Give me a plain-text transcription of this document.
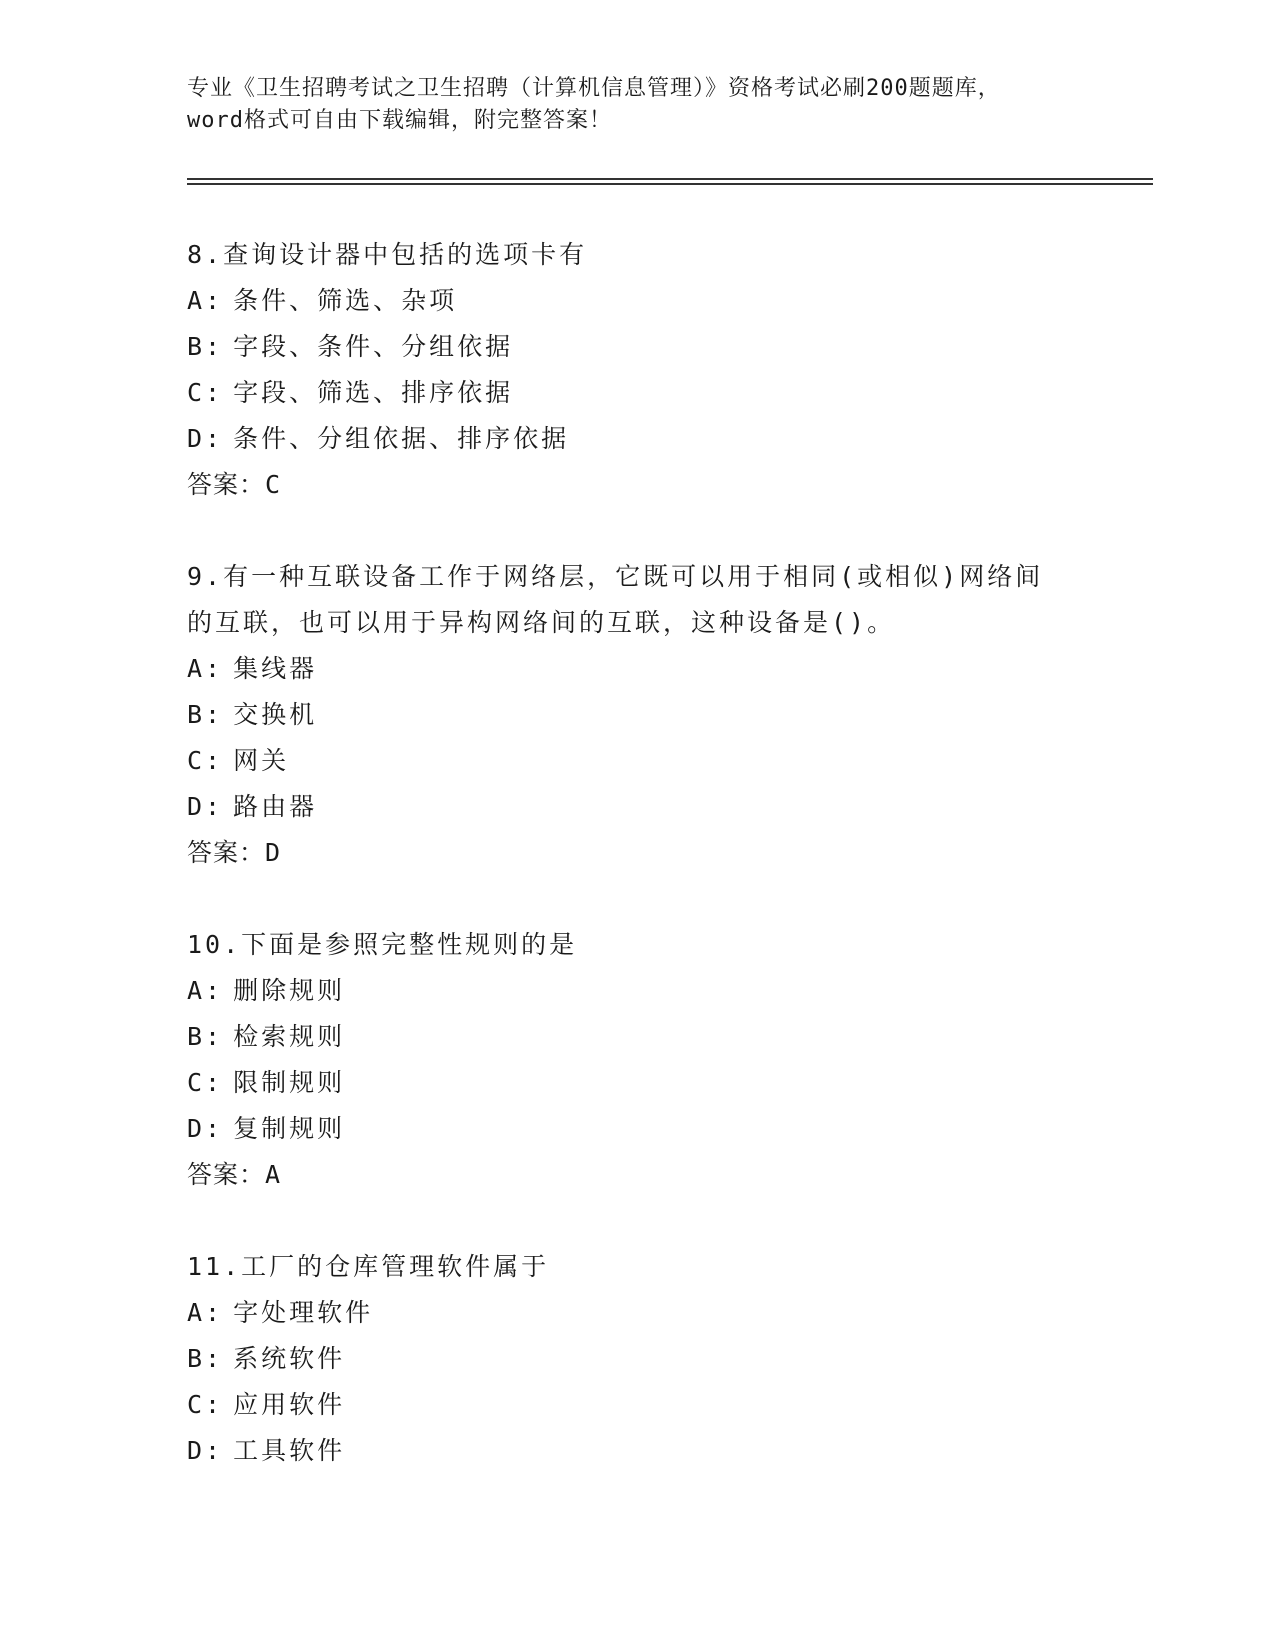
专业《卫生招聘考试之卫生招聘（计算机信息管理）》资格考试必刷200题题库，
word格式可自由下载编辑，附完整答案！
8.查询设计器中包括的选项卡有
A: 条件、筛选、杂项
B: 字段、条件、分组依据
C: 字段、筛选、排序依据
D: 条件、分组依据、排序依据
答案：C
9.有一种互联设备工作于网络层，它既可以用于相同(或相似)网络间
的互联，也可以用于异构网络间的互联，这种设备是()。
A: 集线器
B: 交换机
C: 网关
D: 路由器
答案：D
10.下面是参照完整性规则的是
A: 删除规则
B: 检索规则
C: 限制规则
D: 复制规则
答案：A
11.工厂的仓库管理软件属于
A: 字处理软件
B: 系统软件
C: 应用软件
D: 工具软件
